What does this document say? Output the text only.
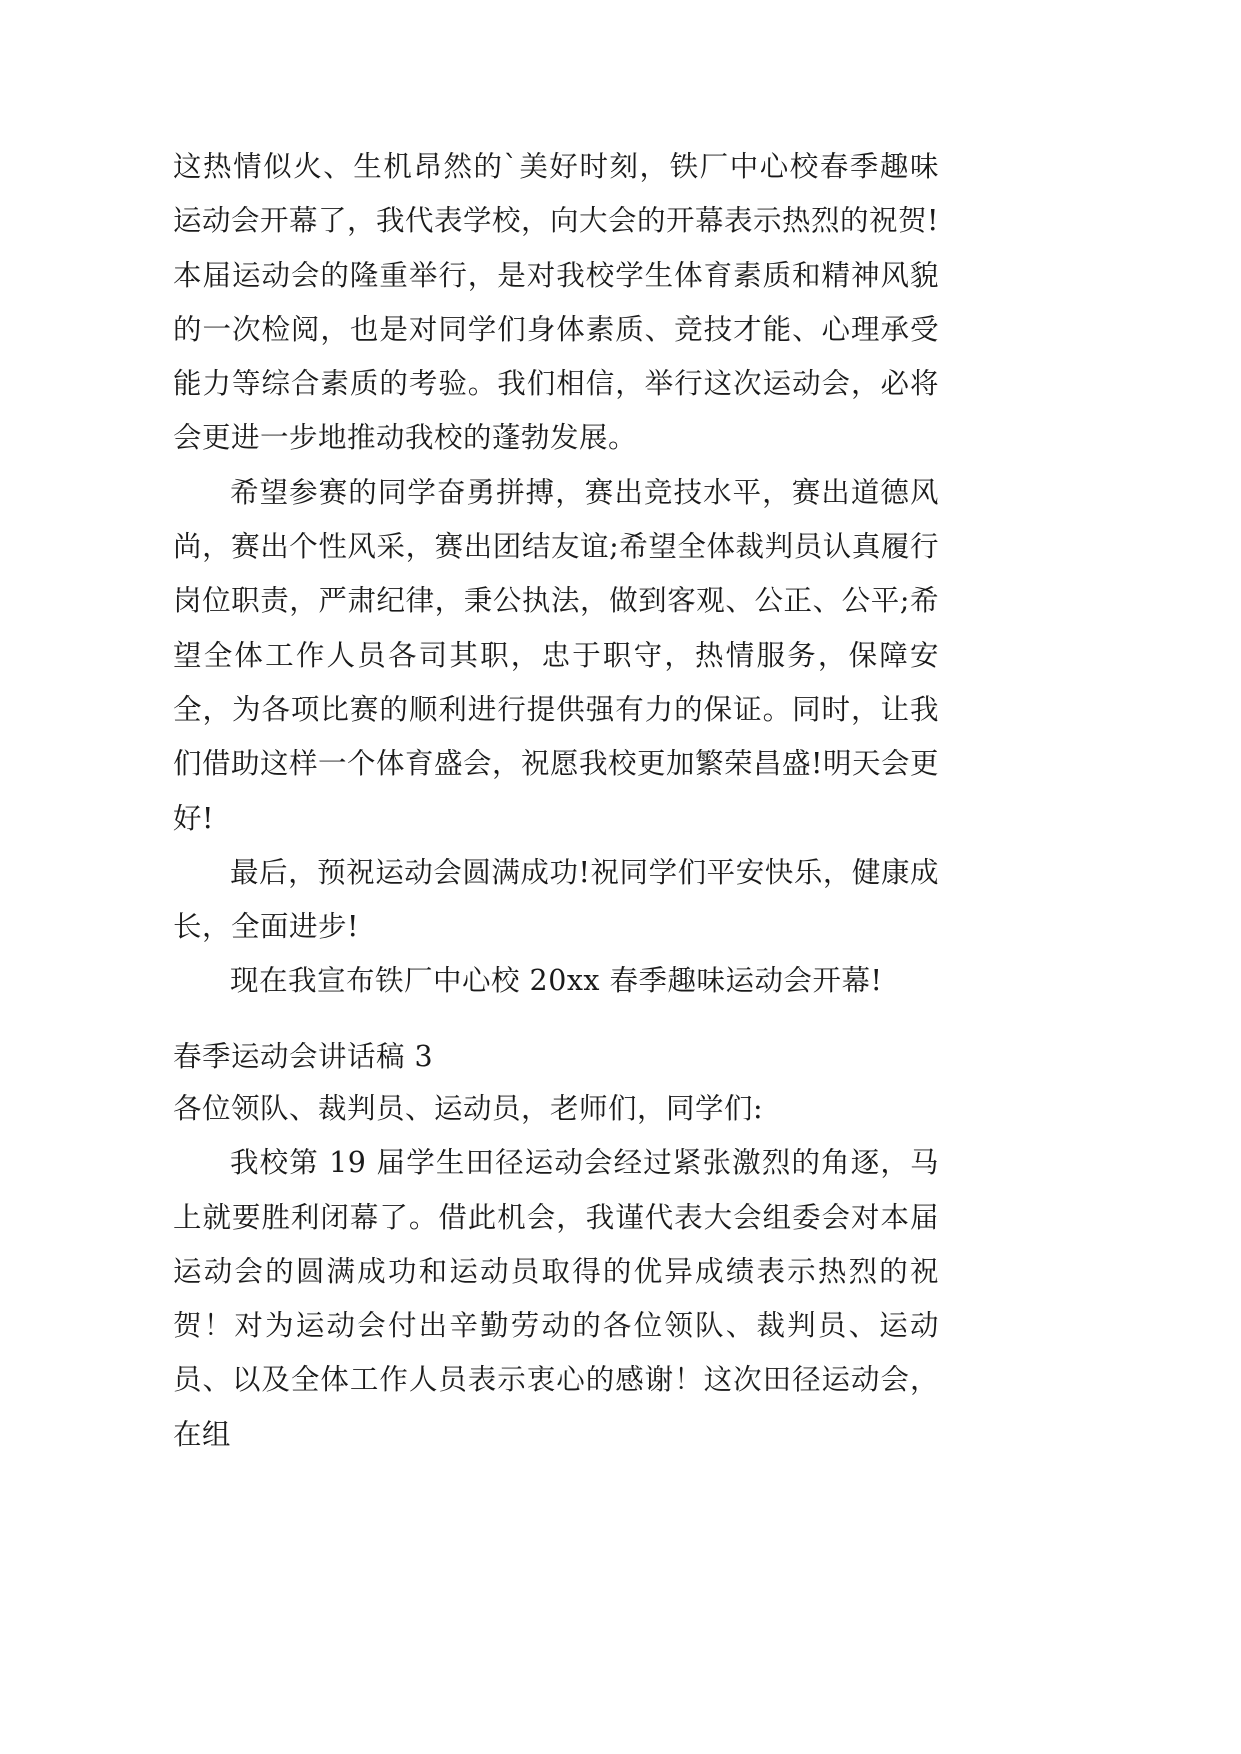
这热情似火、生机昂然的`美好时刻，铁厂中心校春季趣味运动会开幕了，我代表学校，向大会的开幕表示热烈的祝贺!本届运动会的隆重举行，是对我校学生体育素质和精神风貌的一次检阅，也是对同学们身体素质、竞技才能、心理承受能力等综合素质的考验。我们相信，举行这次运动会，必将会更进一步地推动我校的蓬勃发展。

希望参赛的同学奋勇拼搏，赛出竞技水平，赛出道德风尚，赛出个性风采，赛出团结友谊;希望全体裁判员认真履行岗位职责，严肃纪律，秉公执法，做到客观、公正、公平;希望全体工作人员各司其职，忠于职守，热情服务，保障安全，为各项比赛的顺利进行提供强有力的保证。同时，让我们借助这样一个体育盛会，祝愿我校更加繁荣昌盛!明天会更好!

最后，预祝运动会圆满成功!祝同学们平安快乐，健康成长，全面进步!

现在我宣布铁厂中心校 20xx 春季趣味运动会开幕!

春季运动会讲话稿 3

各位领队、裁判员、运动员，老师们，同学们:

我校第 19 届学生田径运动会经过紧张激烈的角逐，马上就要胜利闭幕了。借此机会，我谨代表大会组委会对本届运动会的圆满成功和运动员取得的优异成绩表示热烈的祝贺！对为运动会付出辛勤劳动的各位领队、裁判员、运动员、以及全体工作人员表示衷心的感谢！这次田径运动会，在组
